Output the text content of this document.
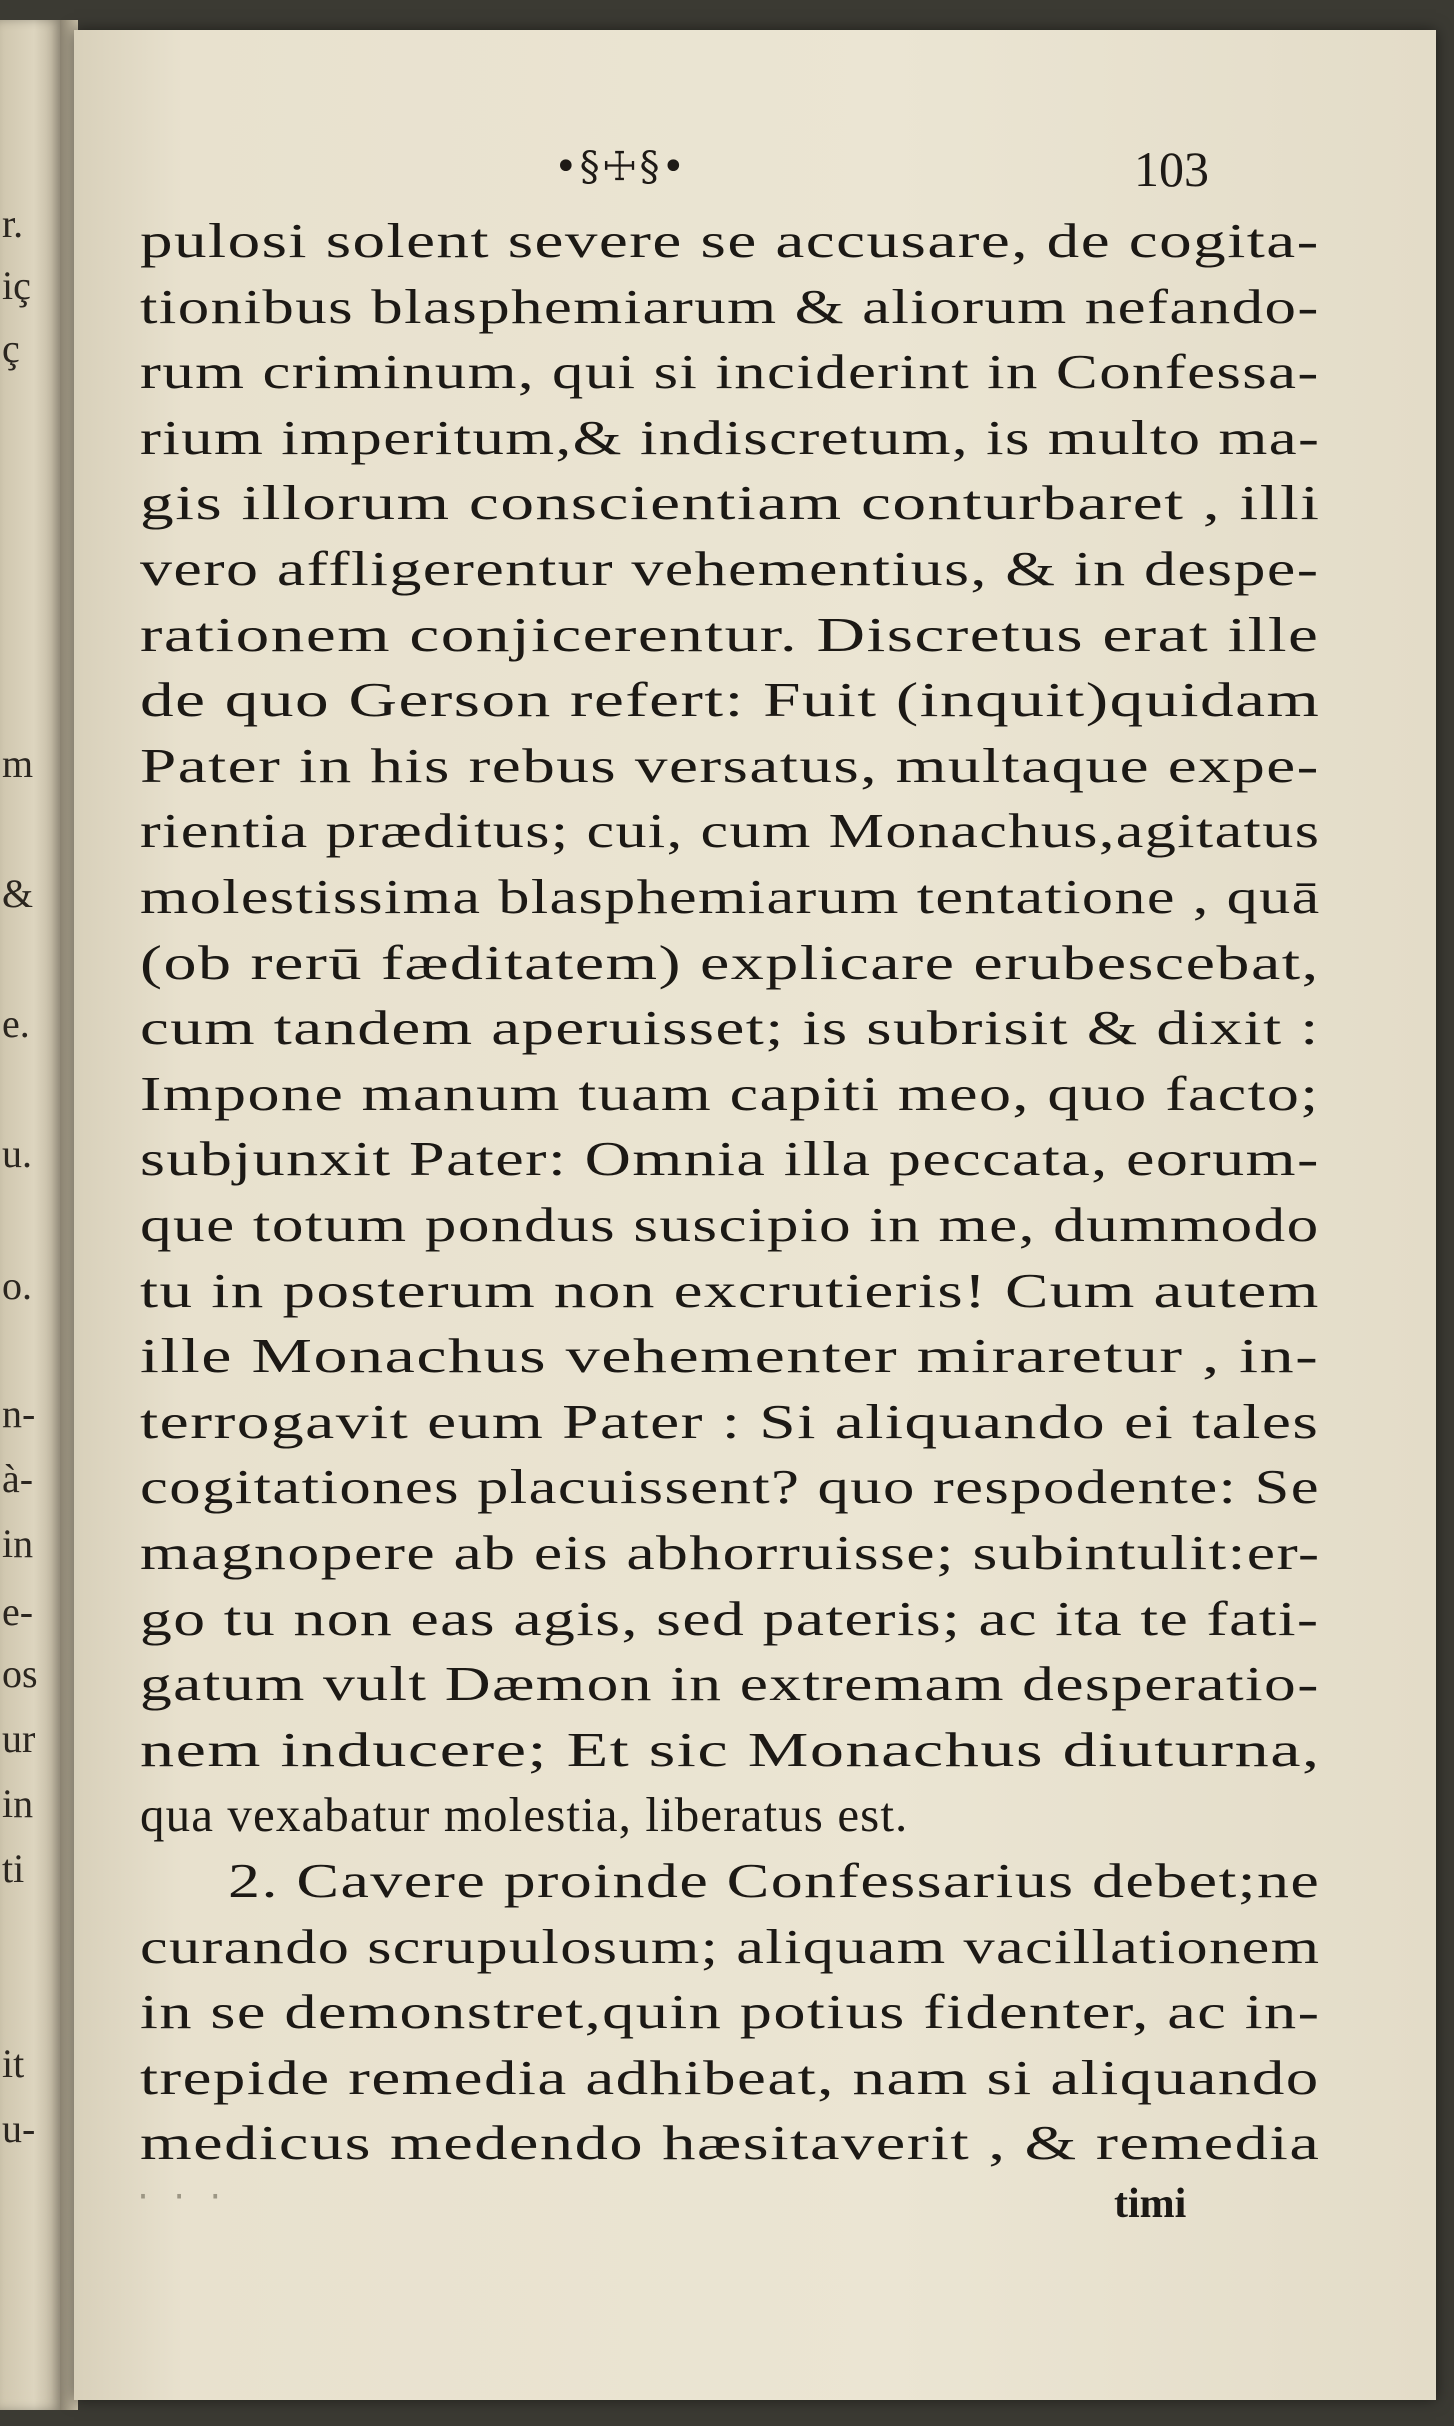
r.
iç
ç
m
&
e.
u.
o.
n-
à-
in
e-
os
ur
in
ti
it
u-
•§☩§•	103
pulosi solent severe se accusare, de cogita-
tionibus blasphemiarum & aliorum nefando-
rum criminum, qui si inciderint in Confessa-
rium imperitum,& indiscretum, is multo ma-
gis illorum conscientiam conturbaret , illi
vero affligerentur vehementius, & in despe-
rationem conjicerentur. Discretus erat ille
de quo Gerson refert: Fuit (inquit)quidam
Pater in his rebus versatus, multaque expe-
rientia præditus; cui, cum Monachus,agitatus
molestissima blasphemiarum tentatione , quā
(ob rerū fæditatem) explicare erubescebat,
cum tandem aperuisset; is subrisit & dixit :
Impone manum tuam capiti meo, quo facto;
subjunxit Pater: Omnia illa peccata, eorum-
que totum pondus suscipio in me, dummodo
tu in posterum non excrutieris! Cum autem
ille Monachus vehementer miraretur , in-
terrogavit eum Pater : Si aliquando ei tales
cogitationes placuissent? quo respodente: Se
magnopere ab eis abhorruisse; subintulit:er-
go tu non eas agis, sed pateris; ac ita te fati-
gatum vult Dæmon in extremam desperatio-
nem inducere; Et sic Monachus diuturna,
qua vexabatur molestia, liberatus est.
2. Cavere proinde Confessarius debet;ne
curando scrupulosum; aliquam vacillationem
in se demonstret,quin potius fidenter, ac in-
trepide remedia adhibeat, nam si aliquando
medicus medendo hæsitaverit , & remedia
· · ·	timi
